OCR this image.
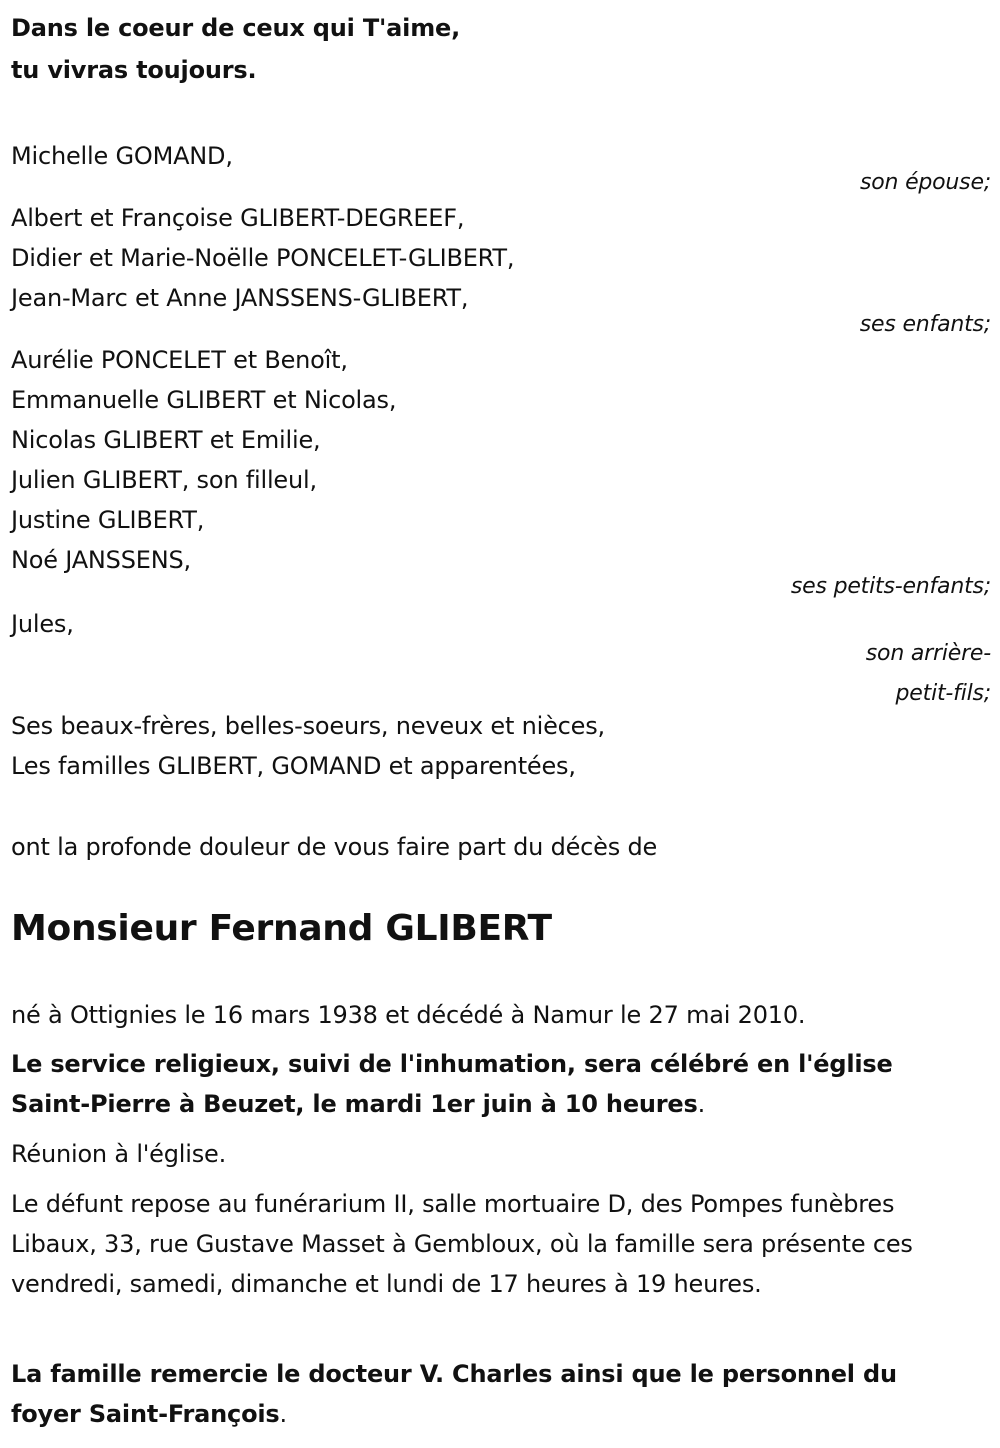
Dans le coeur de ceux qui T'aime,
tu vivras toujours.
Michelle GOMAND,
son épouse;
Albert et Françoise GLIBERT-DEGREEF,
Didier et Marie-Noëlle PONCELET-GLIBERT,
Jean-Marc et Anne JANSSENS-GLIBERT,
ses enfants;
Aurélie PONCELET et Benoît,
Emmanuelle GLIBERT et Nicolas,
Nicolas GLIBERT et Emilie,
Julien GLIBERT, son filleul,
Justine GLIBERT,
Noé JANSSENS,
ses petits-enfants;
Jules,
son arrière-
petit-fils;
Ses beaux-frères, belles-soeurs, neveux et nièces,
Les familles GLIBERT, GOMAND et apparentées,
ont la profonde douleur de vous faire part du décès de
Monsieur Fernand GLIBERT
né à Ottignies le 16 mars 1938 et décédé à Namur le 27 mai 2010.
Le service religieux, suivi de l'inhumation, sera célébré en l'église Saint-Pierre à Beuzet, le mardi 1er juin à 10 heures.
Réunion à l'église.
Le défunt repose au funérarium II, salle mortuaire D, des Pompes funèbres Libaux, 33, rue Gustave Masset à Gembloux, où la famille sera présente ces vendredi, samedi, dimanche et lundi de 17 heures à 19 heures.
La famille remercie le docteur V. Charles ainsi que le personnel du foyer Saint-François.
